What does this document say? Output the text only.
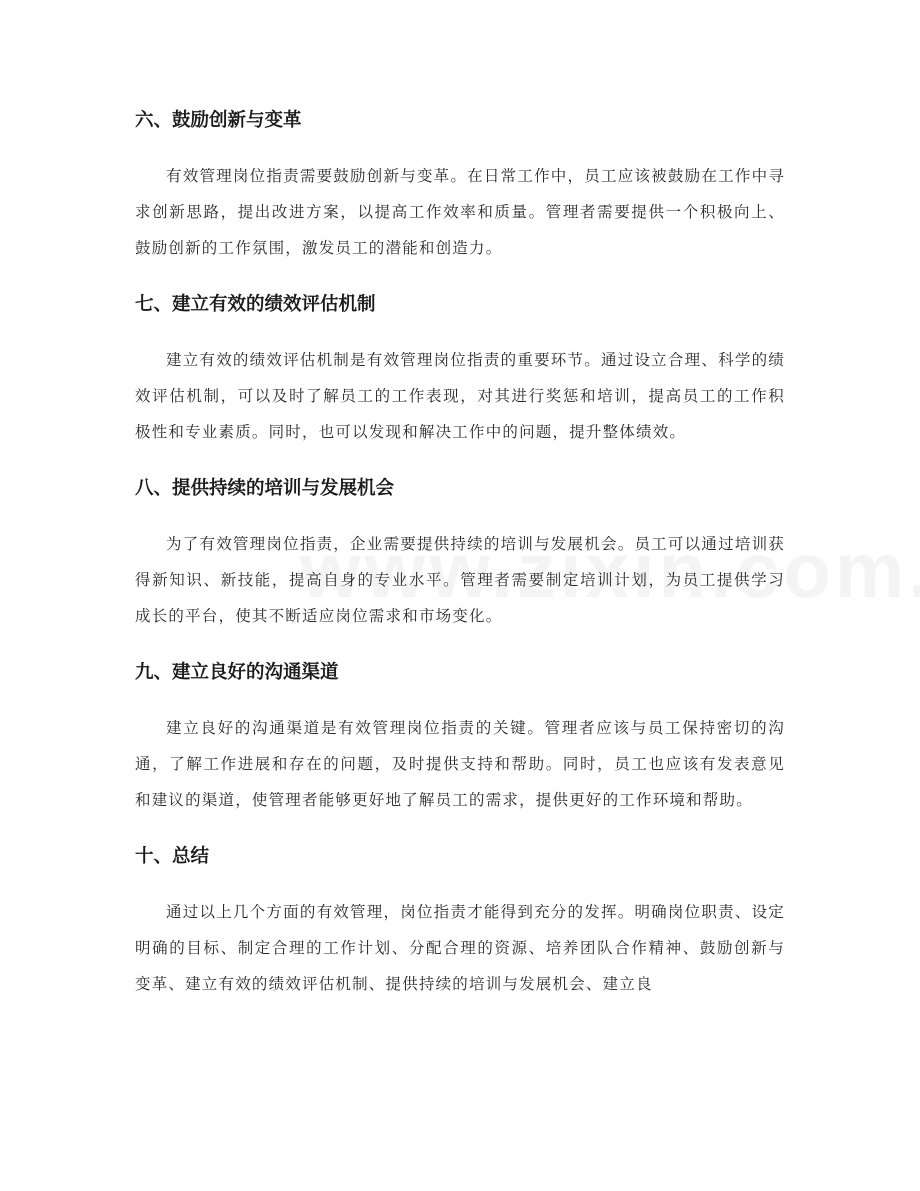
六、鼓励创新与变革

有效管理岗位指责需要鼓励创新与变革。在日常工作中，员工应该被鼓励在工作中寻求创新思路，提出改进方案，以提高工作效率和质量。管理者需要提供一个积极向上、鼓励创新的工作氛围，激发员工的潜能和创造力。

七、建立有效的绩效评估机制

建立有效的绩效评估机制是有效管理岗位指责的重要环节。通过设立合理、科学的绩效评估机制，可以及时了解员工的工作表现，对其进行奖惩和培训，提高员工的工作积极性和专业素质。同时，也可以发现和解决工作中的问题，提升整体绩效。

八、提供持续的培训与发展机会

为了有效管理岗位指责，企业需要提供持续的培训与发展机会。员工可以通过培训获得新知识、新技能，提高自身的专业水平。管理者需要制定培训计划，为员工提供学习成长的平台，使其不断适应岗位需求和市场变化。

九、建立良好的沟通渠道

建立良好的沟通渠道是有效管理岗位指责的关键。管理者应该与员工保持密切的沟通，了解工作进展和存在的问题，及时提供支持和帮助。同时，员工也应该有发表意见和建议的渠道，使管理者能够更好地了解员工的需求，提供更好的工作环境和帮助。

十、总结

通过以上几个方面的有效管理，岗位指责才能得到充分的发挥。明确岗位职责、设定明确的目标、制定合理的工作计划、分配合理的资源、培养团队合作精神、鼓励创新与变革、建立有效的绩效评估机制、提供持续的培训与发展机会、建立良
